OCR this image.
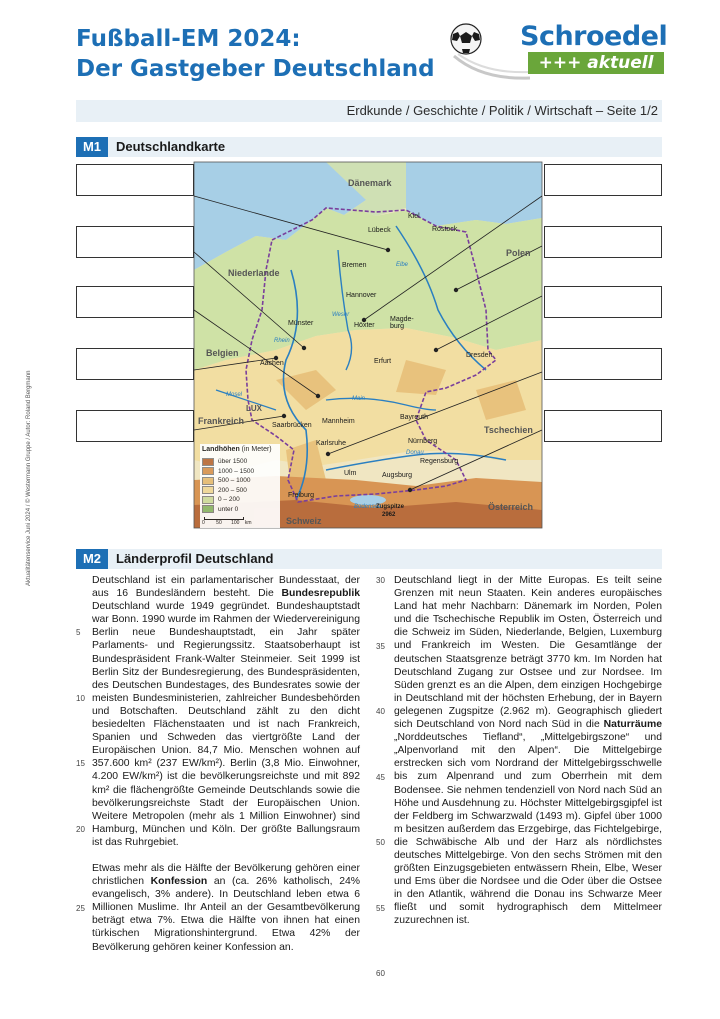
Fußball-EM 2024:
Der Gastgeber Deutschland
Schroedel
+++ aktuell
Erdkunde / Geschichte / Politik / Wirtschaft – Seite 1/2
Aktualitätenservice Juni 2024 / © Westermann Gruppe / Autor: Roland Bergmann
M1	Deutschlandkarte
Dänemark
Niederlande
Belgien
LUX
Frankreich
Schweiz
Österreich
Tschechien
Polen
Kiel
Lübeck	Rostock
Bremen
Hannover
Münster	Höxter
Magde-burg
Erfurt
Aachen
Dresden
Bayreuth
Saarbrücken
Mannheim
Karlsruhe	Nürnberg
Regensburg
Ulm	Augsburg
Freiburg
Elbe
Weser
Rhein
Main
Mosel
Donau
Zugspitze
2962
Bodensee
Landhöhen (in Meter)
über 1500
1000 – 1500
500 – 1000
200 – 500
0 – 200
unter 0
0 50 100 km
M2	Länderprofil Deutschland

Deutschland ist ein parlamentarischer Bundesstaat, der aus 16 Bundesländern besteht. Die Bundesrepublik Deutschland wurde 1949 gegründet. Bundeshauptstadt war Bonn. 1990 wurde im Rahmen der Wiedervereinigung Berlin neue Bundeshauptstadt, ein Jahr später Parlaments- und Regierungssitz. Staatsoberhaupt ist Bundespräsident Frank-Walter Steinmeier. Seit 1999 ist Berlin Sitz der Bundesregierung, des Bundespräsidenten, des Deutschen Bundestages, des Bundesrates sowie der meisten Bundesministerien, zahlreicher Bundesbehörden und Botschaften. Deutschland zählt zu den dicht besiedelten Flächenstaaten und ist nach Frankreich, Spanien und Schweden das viertgrößte Land der Europäischen Union. 84,7 Mio. Menschen wohnen auf 357.600 km² (237 EW/km²). Berlin (3,8 Mio. Einwohner, 4.200 EW/km²) ist die bevölkerungsreichste und mit 892 km² die flächengrößte Gemeinde Deutschlands sowie die bevölkerungsreichste Stadt der Europäischen Union. Weitere Metropolen (mehr als 1 Million Einwohner) sind Hamburg, München und Köln. Der größte Ballungsraum ist das Ruhrgebiet.

Etwas mehr als die Hälfte der Bevölkerung gehören einer christlichen Konfession an (ca. 26% katholisch, 24% evangelisch, 3% andere). In Deutschland leben etwa 6 Millionen Muslime. Ihr Anteil an der Gesamtbevölkerung beträgt etwa 7%. Etwa die Hälfte von ihnen hat einen türkischen Migrationshintergrund. Etwa 42% der Bevölkerung gehören keiner Konfession an.

Deutschland liegt in der Mitte Europas. Es teilt seine Grenzen mit neun Staaten. Kein anderes europäisches Land hat mehr Nachbarn: Dänemark im Norden, Polen und die Tschechische Republik im Osten, Österreich und die Schweiz im Süden, Niederlande, Belgien, Luxemburg und Frankreich im Westen. Die Gesamtlänge der deutschen Staatsgrenze beträgt 3770 km. Im Norden hat Deutschland Zugang zur Ostsee und zur Nordsee. Im Süden grenzt es an die Alpen, dem einzigen Hochgebirge in Deutschland mit der höchsten Erhebung, der in Bayern gelegenen Zugspitze (2.962 m). Geographisch gliedert sich Deutschland von Nord nach Süd in die Naturräume „Norddeutsches Tiefland“, „Mittelgebirgszone“ und „Alpenvorland mit den Alpen“. Die Mittelgebirge erstrecken sich vom Nordrand der Mittelgebirgsschwelle bis zum Alpenrand und zum Oberrhein mit dem Bodensee. Sie nehmen tendenziell von Nord nach Süd an Höhe und Ausdehnung zu. Höchster Mittelgebirgsgipfel ist der Feldberg im Schwarzwald (1493 m). Gipfel über 1000 m besitzen außerdem das Erzgebirge, das Fichtelgebirge, die Schwäbische Alb und der Harz als nördlichstes deutsches Mittelgebirge. Von den sechs Strömen mit den größten Einzugsgebieten entwässern Rhein, Elbe, Weser und Ems über die Nordsee und die Oder über die Ostsee in den Atlantik, während die Donau ins Schwarze Meer fließt und somit hydrographisch dem Mittelmeer zuzurechnen ist.

5
10
15
20
25
30
35
40
45
50
55
60
